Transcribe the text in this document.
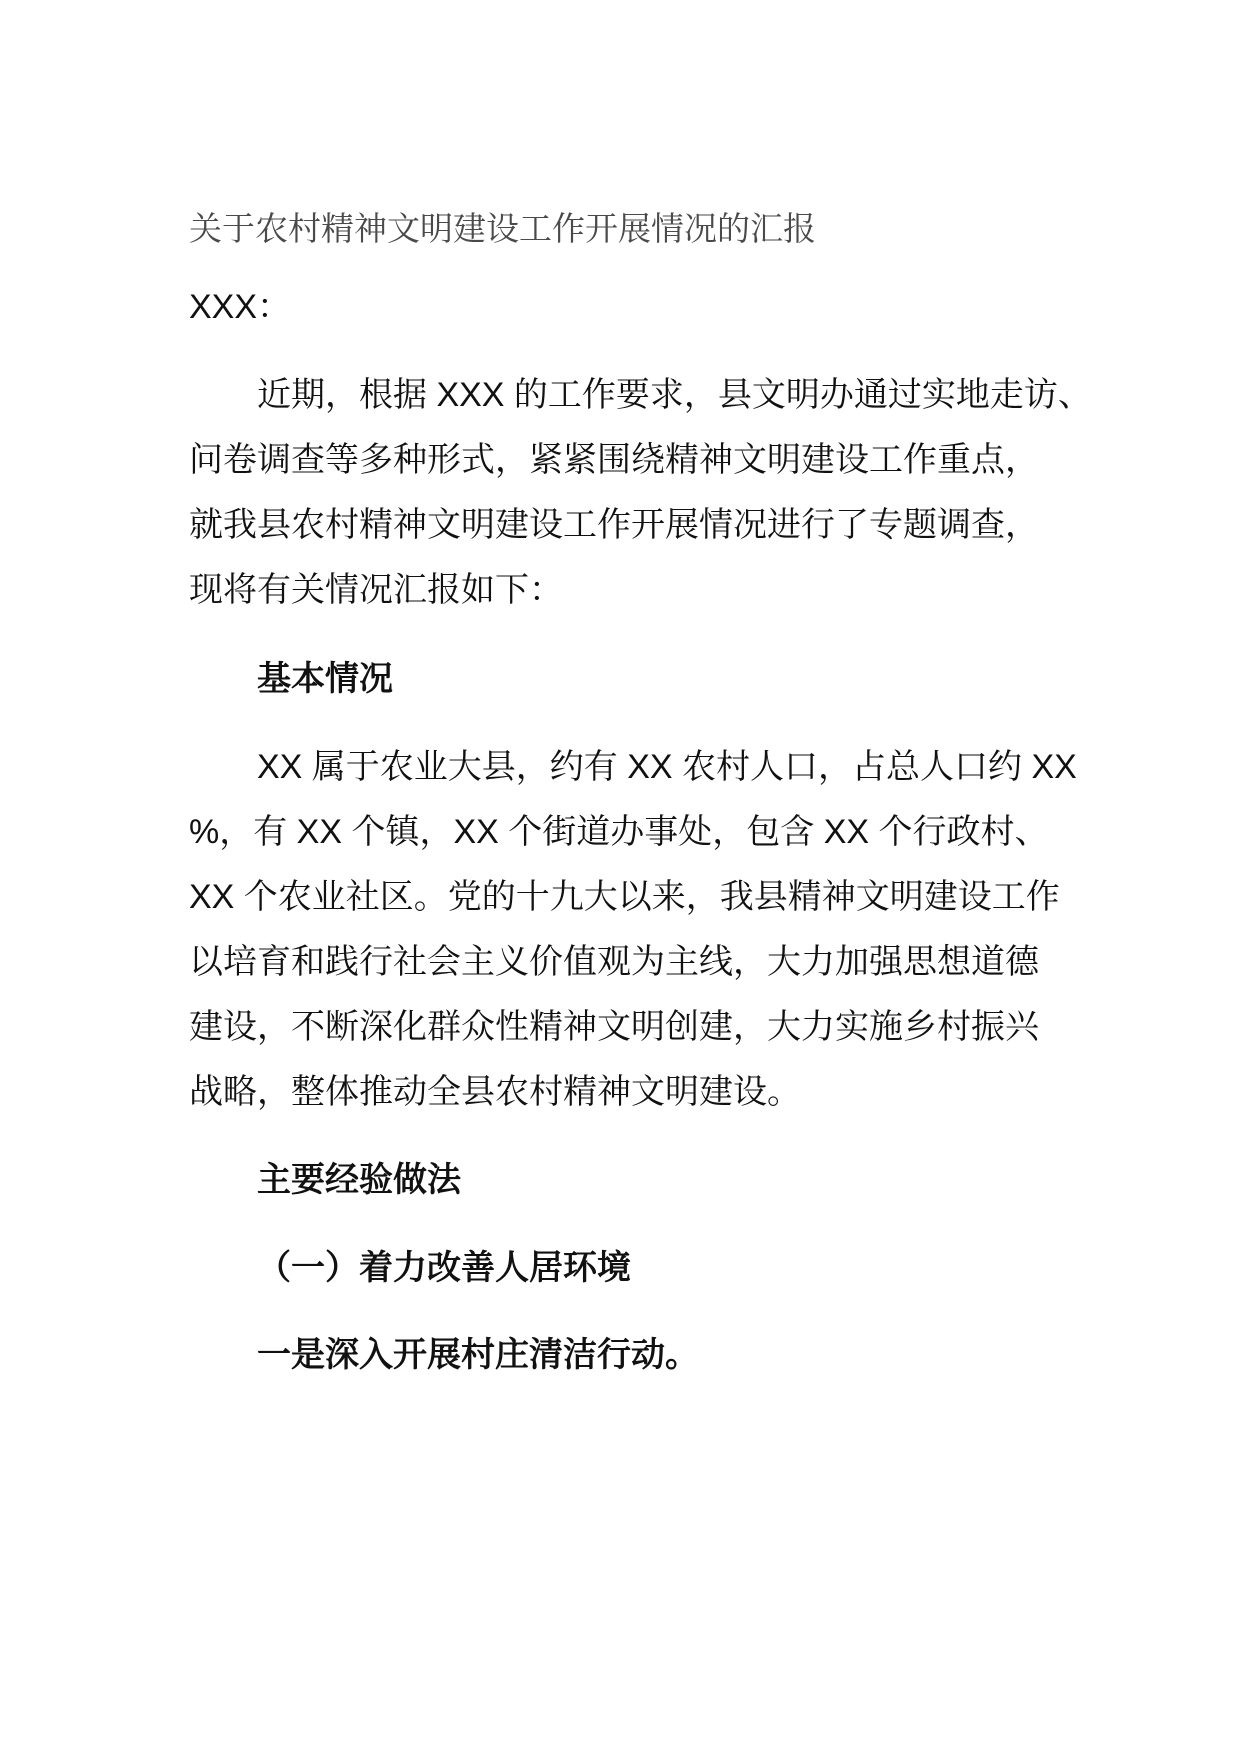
关于农村精神文明建设工作开展情况的汇报
XXX：
近期，根据 XXX 的工作要求，县文明办通过实地走访、
问卷调查等多种形式，紧紧围绕精神文明建设工作重点，
就我县农村精神文明建设工作开展情况进行了专题调查，
现将有关情况汇报如下：
基本情况
XX 属于农业大县，约有 XX 农村人口，占总人口约 XX
%，有 XX 个镇，XX 个街道办事处，包含 XX 个行政村、
XX 个农业社区。党的十九大以来，我县精神文明建设工作
以培育和践行社会主义价值观为主线，大力加强思想道德
建设，不断深化群众性精神文明创建，大力实施乡村振兴
战略，整体推动全县农村精神文明建设。
主要经验做法
（一）着力改善人居环境
一是深入开展村庄清洁行动。
